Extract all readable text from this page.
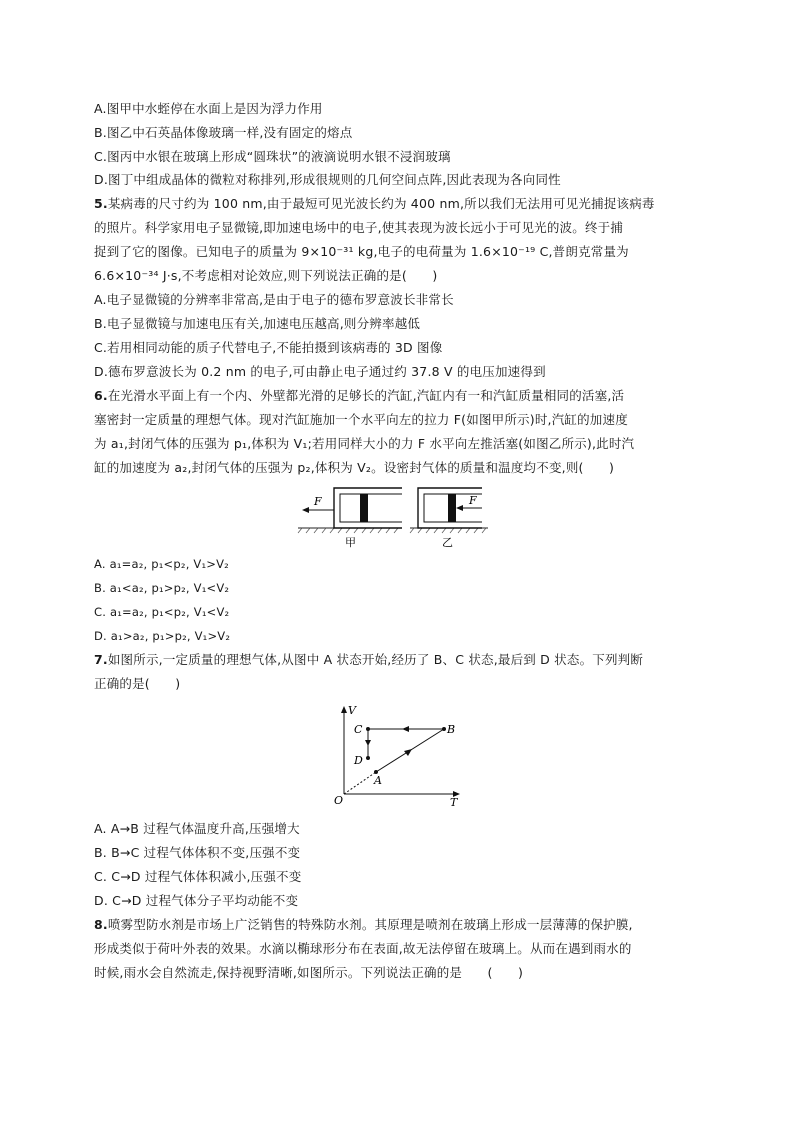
A.图甲中水蛭停在水面上是因为浮力作用
B.图乙中石英晶体像玻璃一样,没有固定的熔点
C.图丙中水银在玻璃上形成“圆珠状”的液滴说明水银不浸润玻璃
D.图丁中组成晶体的微粒对称排列,形成很规则的几何空间点阵,因此表现为各向同性
5.某病毒的尺寸约为 100 nm,由于最短可见光波长约为 400 nm,所以我们无法用可见光捕捉该病毒
的照片。科学家用电子显微镜,即加速电场中的电子,使其表现为波长远小于可见光的波。终于捕
捉到了它的图像。已知电子的质量为 9×10⁻³¹ kg,电子的电荷量为 1.6×10⁻¹⁹ C,普朗克常量为
6.6×10⁻³⁴ J·s,不考虑相对论效应,则下列说法正确的是(　　)
A.电子显微镜的分辨率非常高,是由于电子的德布罗意波长非常长
B.电子显微镜与加速电压有关,加速电压越高,则分辨率越低
C.若用相同动能的质子代替电子,不能拍摄到该病毒的 3D 图像
D.德布罗意波长为 0.2 nm 的电子,可由静止电子通过约 37.8 V 的电压加速得到
6.在光滑水平面上有一个内、外壁都光滑的足够长的汽缸,汽缸内有一和汽缸质量相同的活塞,活
塞密封一定质量的理想气体。现对汽缸施加一个水平向左的拉力 F(如图甲所示)时,汽缸的加速度
为 a₁,封闭气体的压强为 p₁,体积为 V₁;若用同样大小的力 F 水平向左推活塞(如图乙所示),此时汽
缸的加速度为 a₂,封闭气体的压强为 p₂,体积为 V₂。设密封气体的质量和温度均不变,则(　　)
F	F
甲	乙
A. a₁=a₂, p₁<p₂, V₁>V₂
B. a₁<a₂, p₁>p₂, V₁<V₂
C. a₁=a₂, p₁<p₂, V₁<V₂
D. a₁>a₂, p₁>p₂, V₁>V₂
7.如图所示,一定质量的理想气体,从图中 A 状态开始,经历了 B、C 状态,最后到 D 状态。下列判断
正确的是(　　)
V
T
O
A
B
C
D
A. A→B 过程气体温度升高,压强增大
B. B→C 过程气体体积不变,压强不变
C. C→D 过程气体体积减小,压强不变
D. C→D 过程气体分子平均动能不变
8.喷雾型防水剂是市场上广泛销售的特殊防水剂。其原理是喷剂在玻璃上形成一层薄薄的保护膜,
形成类似于荷叶外表的效果。水滴以椭球形分布在表面,故无法停留在玻璃上。从而在遇到雨水的
时候,雨水会自然流走,保持视野清晰,如图所示。下列说法正确的是　　(　　)
